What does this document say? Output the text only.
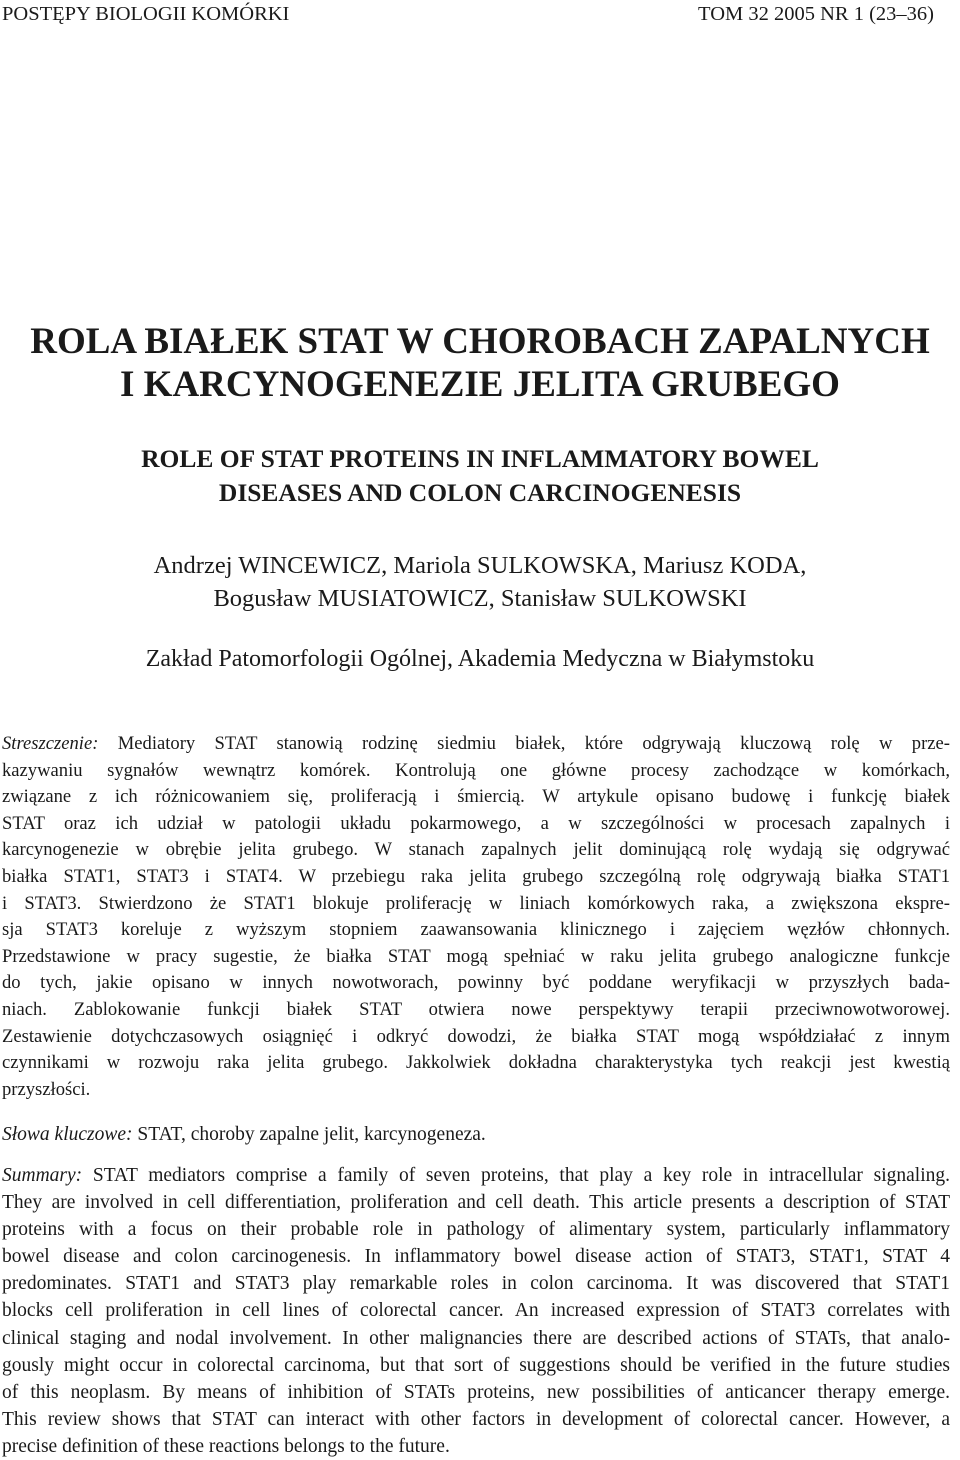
POSTĘPY BIOLOGII KOMÓRKI	TOM 32 2005 NR 1 (23–36)
ROLA BIAŁEK STAT W CHOROBACH ZAPALNYCH
I KARCYNOGENEZIE JELITA GRUBEGO
ROLE OF STAT PROTEINS IN INFLAMMATORY BOWEL
DISEASES AND COLON CARCINOGENESIS
Andrzej WINCEWICZ, Mariola SULKOWSKA, Mariusz KODA,
Bogusław MUSIATOWICZ, Stanisław SULKOWSKI
Zakład Patomorfologii Ogólnej, Akademia Medyczna w Białymstoku
Streszczenie: Mediatory STAT stanowią rodzinę siedmiu białek, które odgrywają kluczową rolę w prze-
kazywaniu sygnałów wewnątrz komórek. Kontrolują one główne procesy zachodzące w komórkach,
związane z ich różnicowaniem się, proliferacją i śmiercią. W artykule opisano budowę i funkcję białek
STAT oraz ich udział w patologii układu pokarmowego, a w szczególności w procesach zapalnych i
karcynogenezie w obrębie jelita grubego. W stanach zapalnych jelit dominującą rolę wydają się odgrywać
białka STAT1, STAT3 i STAT4. W przebiegu raka jelita grubego szczególną rolę odgrywają białka STAT1
i STAT3. Stwierdzono że STAT1 blokuje proliferację w liniach komórkowych raka, a zwiększona ekspre-
sja STAT3 koreluje z wyższym stopniem zaawansowania klinicznego i zajęciem węzłów chłonnych.
Przedstawione w pracy sugestie, że białka STAT mogą spełniać w raku jelita grubego analogiczne funkcje
do tych, jakie opisano w innych nowotworach, powinny być poddane weryfikacji w przyszłych bada-
niach. Zablokowanie funkcji białek STAT otwiera nowe perspektywy terapii przeciwnowotworowej.
Zestawienie dotychczasowych osiągnięć i odkryć dowodzi, że białka STAT mogą współdziałać z innym
czynnikami w rozwoju raka jelita grubego. Jakkolwiek dokładna charakterystyka tych reakcji jest kwestią
przyszłości.
Słowa kluczowe: STAT, choroby zapalne jelit, karcynogeneza.
Summary: STAT mediators comprise a family of seven proteins, that play a key role in intracellular signaling.
They are involved in cell differentiation, proliferation and cell death. This article presents a description of STAT
proteins with a focus on their probable role in pathology of alimentary system, particularly inflammatory
bowel disease and colon carcinogenesis. In inflammatory bowel disease action of STAT3, STAT1, STAT 4
predominates. STAT1 and STAT3 play remarkable roles in colon carcinoma. It was discovered that STAT1
blocks cell proliferation in cell lines of colorectal cancer. An increased expression of STAT3 correlates with
clinical staging and nodal involvement. In other malignancies there are described actions of STATs, that analo-
gously might occur in colorectal carcinoma, but that sort of suggestions should be verified in the future studies
of this neoplasm. By means of inhibition of STATs proteins, new possibilities of anticancer therapy emerge.
This review shows that STAT can interact with other factors in development of colorectal cancer. However, a
precise definition of these reactions belongs to the future.
